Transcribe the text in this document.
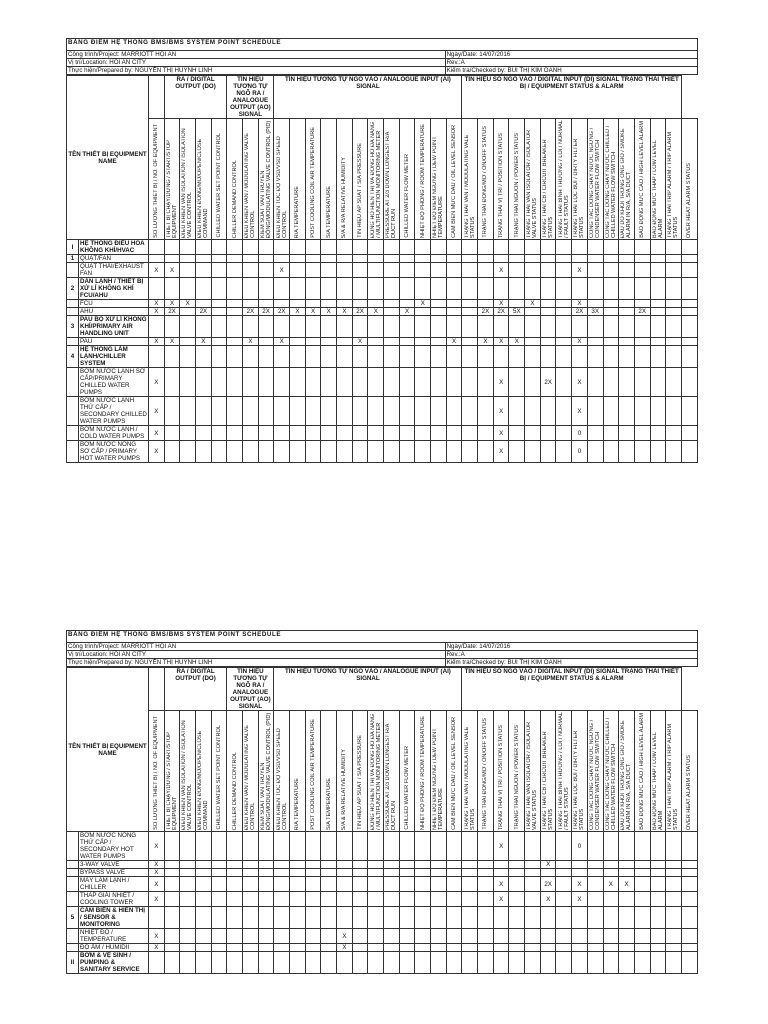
BẢNG ĐIỂM HỆ THỐNG BMS/BMS SYSTEM POINT SCHEDULE	
Công trình/Project: MARRIOTT HỘI AN	Ngày/Date: 14/07/2016
Vị trí/Location: HOI AN CITY	Rev.:A
Thực hiện/Prepared by: NGUYỄN THỊ HUỲNH LINH	Kiểm tra/Checked by: BÙI THỊ KIM OANH
TÊN THIẾT BỊ EQUIPMENT NAME			RA / DIGITAL OUTPUT (DO)				TÍN HIỆU TƯƠNG TỰ NGÕ RA / ANALOGUE OUTPUT (AO) SIGNAL			TÍN HIỆU TƯƠNG TỰ NGÕ VÀO / ANALOGUE INPUT (AI) SIGNAL												TÍN HIỆU SỐ NGÕ VÀO / DIGITAL INPUT (DI) SIGNAL TRẠNG THÁI THIẾT BỊ / EQUIPMENT STATUS & ALARM														

		SỐ LƯỢNG THIẾT BỊ / NO. OF EQUIPMENT	THIẾT BỊ CHẠY/DỪNG / START/STOP EQUIPMENT	ĐIỀU KHIỂN VAN ISOLATION / ISOLATION VALVE CONTROL	ĐIỀU KHIỂN ĐÓNG/MỞ/OPEN/CLOSE COMMAND	CHILLED WATER SET POINT CONTROL	CHILLER DEMAND CONTROL	ĐIỀU KHIỂN VAN / MODULATING VALVE CONTROL	KIỂM SOÁT VAN TRUYỀN ĐỘNG/MODULATING VALVE CONTROL (PID)	ĐIỀU KHIỂN TỐC ĐỘ VSD/VSD SPEED CONTROL	R/A TEMPERATURE	POST COOLING COIL AIR TEMPERATURE	S/A TEMPERATURE	S/A & R/A RELATIVE HUMIDITY	TÍN HIỆU ÁP SUẤT / S/A PRESSURE	ĐỒNG HỒ HIỂN THỊ VÀ ĐỒNG HỒ ĐA NĂNG / MULTIFUNCTION MONITORING METER	PRESSURE AT 2/3 DOWN LONGEST R/A DUCT RUN	CHILLED WATER FLOW METER	NHIỆT ĐỘ PHÒNG / ROOM TEMPERATURE	NHIỆT ĐỘ ĐIỂM NGƯNG / DEW POINT TEMPERATURE	CẢM BIẾN MỨC DẦU / OIL LEVEL SENSOR	TRẠNG THÁI VAN / MODULATING VALE STATUS	TRẠNG THÁI ĐÓNG/MỞ / ON/OFF STATUS	TRẠNG THÁI VỊ TRÍ / POSITION STATUS	TRẠNG THÁI NGUỒN / POWER STATUS	TRẠNG THÁI VAN ISOLATOR / ISOLATOR VALVE STATUS	TRẠNG THÁI CB / CIRCUIT BREAKER STATUS	TRẠNG THÁI BÌNH THƯỜNG / LỖI / NORMAL / FAULT STATUS	TRẠNG THÁI LỌC BỤI / DIRTY FILTER STATUS	CÔNG TẮC DÒNG CHẢY NƯỚC NGƯNG / CONDENSER WATER FLOW SWITCH	CÔNG TẮC DÒNG CHẢY NƯỚC CHILLED / CHILLED WATER FLOW SWITCH	ĐẦU DÒ KHÓI TRONG ỐNG GIÓ / SMOKE ALARM IN R/A, S/A DUCT	BÁO ĐỘNG MỨC CAO / HIGH LEVEL ALARM	BÁO ĐỘNG MỨC THẤP / LOW LEVEL ALARM	TRẠNG THÁI TRIP ALARM / TRIP ALARM STATUS	OVER HEAT ALARM STATUS

I	HỆ THỐNG ĐIỀU HÒA KHÔNG KHÍ/HVAC																																			
1	QUẠT/FAN																																			
	QUẠT THẢI/EXHAUST FAN	X	X							X														X					X							
2	DÀN LẠNH / THIẾT BỊ XỬ LÍ KHÔNG KHÍ FCU/AHU																																			
	FCU	X	X	X															X					X		X			X							
	AHU	X	2X		2X			2X	2X	2X	X	X	X	X	2X	X		X					2X	2X	5X				2X	3X			2X			
3	PAU BỘ XỬ LÍ KHÔNG KHÍ/PRIMARY AIR HANDLING UNIT																																			
	PAU	X	X		X			X		X					X						X		X	X	X				X							
4	HỆ THỐNG LÀM LẠNH/CHILLER SYSTEM																																			
	BƠM NƯỚC LẠNH SƠ CẤP/PRIMARY CHILLED WATER PUMPS	X																						X			2X		X							
	BƠM NƯỚC LẠNH THỨ CẤP / SECONDARY CHILLED WATER PUMPS	X																						X					X							
	BƠM NƯỚC LẠNH / COLD WATER PUMPS	X																						X					0							
	BƠM NƯỚC NÓNG SƠ CẤP / PRIMARY HOT WATER PUMPS	X																						X					0							
BẢNG ĐIỂM HỆ THỐNG BMS/BMS SYSTEM POINT SCHEDULE	
Công trình/Project: MARRIOTT HỘI AN	Ngày/Date: 14/07/2016
Vị trí/Location: HOI AN CITY	Rev.:A
Thực hiện/Prepared by: NGUYỄN THỊ HUỲNH LINH	Kiểm tra/Checked by: BÙI THỊ KIM OANH
TÊN THIẾT BỊ EQUIPMENT NAME			RA / DIGITAL OUTPUT (DO)				TÍN HIỆU TƯƠNG TỰ NGÕ RA / ANALOGUE OUTPUT (AO) SIGNAL			TÍN HIỆU TƯƠNG TỰ NGÕ VÀO / ANALOGUE INPUT (AI) SIGNAL												TÍN HIỆU SỐ NGÕ VÀO / DIGITAL INPUT (DI) SIGNAL TRẠNG THÁI THIẾT BỊ / EQUIPMENT STATUS & ALARM														

		SỐ LƯỢNG THIẾT BỊ / NO. OF EQUIPMENT	THIẾT BỊ CHẠY/DỪNG / START/STOP EQUIPMENT	ĐIỀU KHIỂN VAN ISOLATION / ISOLATION VALVE CONTROL	ĐIỀU KHIỂN ĐÓNG/MỞ/OPEN/CLOSE COMMAND	CHILLED WATER SET POINT CONTROL	CHILLER DEMAND CONTROL	ĐIỀU KHIỂN VAN / MODULATING VALVE CONTROL	KIỂM SOÁT VAN TRUYỀN ĐỘNG/MODULATING VALVE CONTROL (PID)	ĐIỀU KHIỂN TỐC ĐỘ VSD/VSD SPEED CONTROL	R/A TEMPERATURE	POST COOLING COIL AIR TEMPERATURE	S/A TEMPERATURE	S/A & R/A RELATIVE HUMIDITY	TÍN HIỆU ÁP SUẤT / S/A PRESSURE	ĐỒNG HỒ HIỂN THỊ VÀ ĐỒNG HỒ ĐA NĂNG / MULTIFUNCTION MONITORING METER	PRESSURE AT 2/3 DOWN LONGEST R/A DUCT RUN	CHILLED WATER FLOW METER	NHIỆT ĐỘ PHÒNG / ROOM TEMPERATURE	NHIỆT ĐỘ ĐIỂM NGƯNG / DEW POINT TEMPERATURE	CẢM BIẾN MỨC DẦU / OIL LEVEL SENSOR	TRẠNG THÁI VAN / MODULATING VALE STATUS	TRẠNG THÁI ĐÓNG/MỞ / ON/OFF STATUS	TRẠNG THÁI VỊ TRÍ / POSITION STATUS	TRẠNG THÁI NGUỒN / POWER STATUS	TRẠNG THÁI VAN ISOLATOR / ISOLATOR VALVE STATUS	TRẠNG THÁI CB / CIRCUIT BREAKER STATUS	TRẠNG THÁI BÌNH THƯỜNG / LỖI / NORMAL / FAULT STATUS	TRẠNG THÁI LỌC BỤI / DIRTY FILTER STATUS	CÔNG TẮC DÒNG CHẢY NƯỚC NGƯNG / CONDENSER WATER FLOW SWITCH	CÔNG TẮC DÒNG CHẢY NƯỚC CHILLED / CHILLED WATER FLOW SWITCH	ĐẦU DÒ KHÓI TRONG ỐNG GIÓ / SMOKE ALARM IN R/A, S/A DUCT	BÁO ĐỘNG MỨC CAO / HIGH LEVEL ALARM	BÁO ĐỘNG MỨC THẤP / LOW LEVEL ALARM	TRẠNG THÁI TRIP ALARM / TRIP ALARM STATUS	OVER HEAT ALARM STATUS

	BƠM NƯỚC NÓNG THỨ CẤP / SECONDARY HOT WATER PUMPS	X																						X					0							
	3-WAY VALVE	X																									X									
	BYPASS VALVE	X																																		
	MÁY LÀM LẠNH / CHILLER	X																						X			2X		X		X	X				
	THÁP GIẢI NHIỆT / COOLING TOWER	X																						X			X		X							
5	CẢM BIẾN & HIỂN THỊ / SENSOR & MONITORING																																			
	NHIỆT ĐỘ / TEMPERATURE	X												X																						
	ĐỘ ẨM / HUMIDII	X												X																						
II	BƠM & VỆ SINH / PUMPING & SANITARY SERVICE																																			
